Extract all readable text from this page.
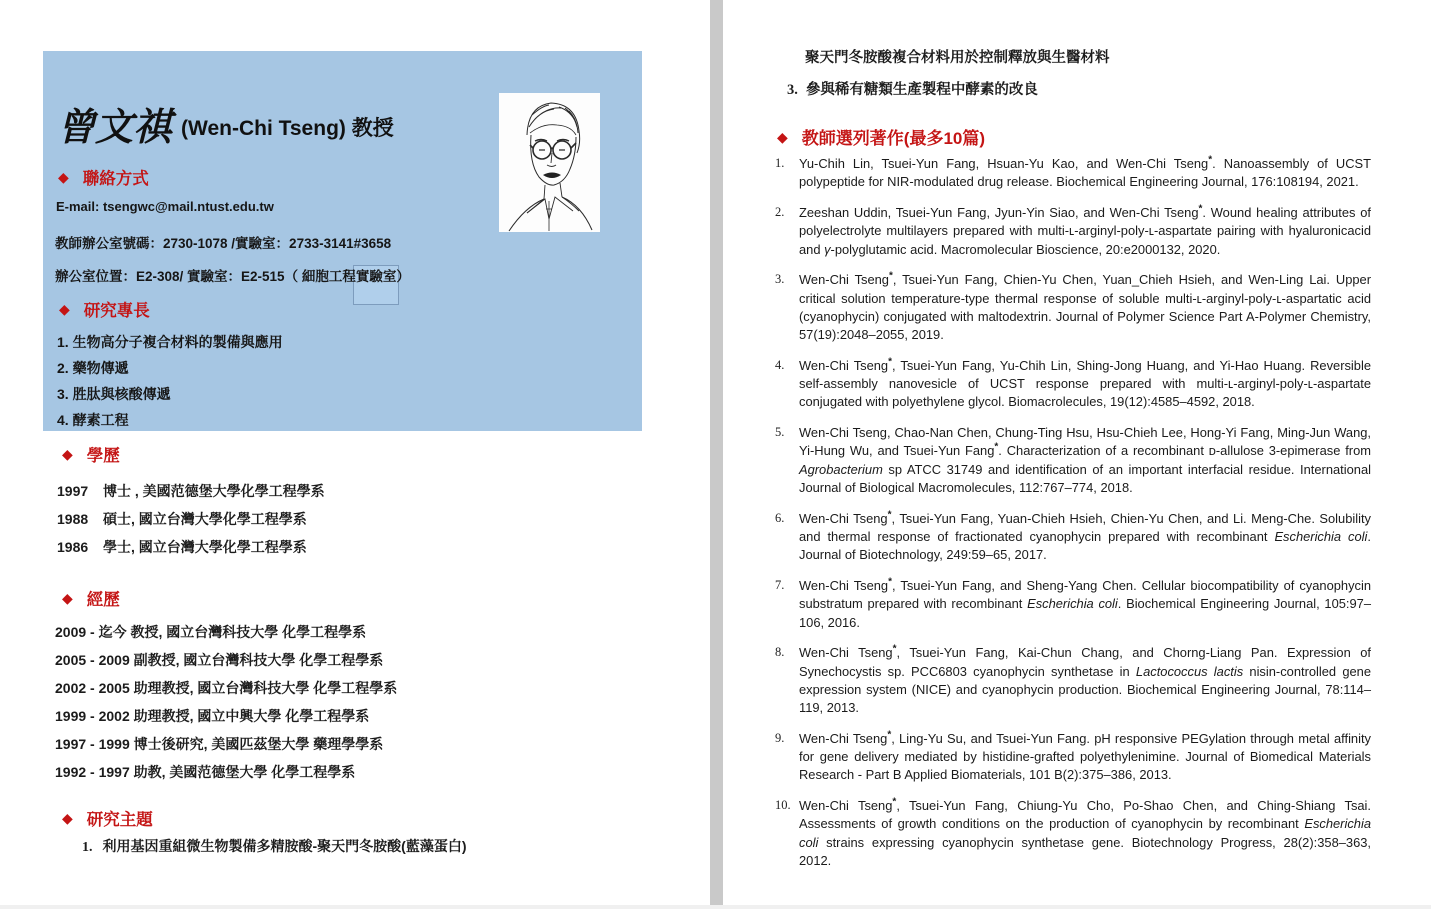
曾文祺 (Wen-Chi Tseng) 教授
◆ 聯絡方式
E-mail: tsengwc@mail.ntust.edu.tw
教師辦公室號碼：2730-1078 /實驗室：2733-3141#3658
辦公室位置：E2-308/ 實驗室：E2-515（ 細胞工程實驗室）
◆ 研究專長
1. 生物高分子複合材料的製備與應用
2. 藥物傳遞
3. 胜肽與核酸傳遞
4. 酵素工程
◆ 學歷
1997 博士 , 美國范德堡大學化學工程學系
1988 碩士, 國立台灣大學化學工程學系
1986 學士, 國立台灣大學化學工程學系
◆ 經歷
2009 - 迄今 教授, 國立台灣科技大學 化學工程學系
2005 - 2009 副教授, 國立台灣科技大學 化學工程學系
2002 - 2005 助理教授, 國立台灣科技大學 化學工程學系
1999 - 2002 助理教授, 國立中興大學 化學工程學系
1997 - 1999 博士後研究, 美國匹茲堡大學 藥理學學系
1992 - 1997 助教, 美國范德堡大學 化學工程學系
◆ 研究主題
1. 利用基因重組微生物製備多精胺酸-聚天門冬胺酸(藍藻蛋白)
聚天門冬胺酸複合材料用於控制釋放與生醫材料
3. 參與稀有糖類生產製程中酵素的改良
◆ 教師選列著作(最多10篇)
1.	Yu-Chih Lin, Tsuei-Yun Fang, Hsuan-Yu Kao, and Wen-Chi Tseng*. Nanoassembly of UCST polypeptide for NIR-modulated drug release. Biochemical Engineering Journal, 176:108194, 2021.

2.	Zeeshan Uddin, Tsuei-Yun Fang, Jyun-Yin Siao, and Wen-Chi Tseng*. Wound healing attributes of polyelectrolyte multilayers prepared with multi-ʟ-arginyl-poly-ʟ-aspartate pairing with hyaluronicacid and γ-polyglutamic acid. Macromolecular Bioscience, 20:e2000132, 2020.

3.	Wen-Chi Tseng*, Tsuei-Yun Fang, Chien-Yu Chen, Yuan_Chieh Hsieh, and Wen-Ling Lai. Upper critical solution temperature-type thermal response of soluble multi-ʟ-arginyl-poly-ʟ-aspartatic acid (cyanophycin) conjugated with maltodextrin. Journal of Polymer Science Part A-Polymer Chemistry, 57(19):2048–2055, 2019.

4.	Wen-Chi Tseng*, Tsuei-Yun Fang, Yu-Chih Lin, Shing-Jong Huang, and Yi-Hao Huang. Reversible self-assembly nanovesicle of UCST response prepared with multi-ʟ-arginyl-poly-ʟ-aspartate conjugated with polyethylene glycol. Biomacrolecules, 19(12):4585–4592, 2018.

5.	Wen-Chi Tseng, Chao-Nan Chen, Chung-Ting Hsu, Hsu-Chieh Lee, Hong-Yi Fang, Ming-Jun Wang, Yi-Hung Wu, and Tsuei-Yun Fang*. Characterization of a recombinant ᴅ-allulose 3-epimerase from Agrobacterium sp ATCC 31749 and identification of an important interfacial residue. International Journal of Biological Macromolecules, 112:767–774, 2018.

6.	Wen-Chi Tseng*, Tsuei-Yun Fang, Yuan-Chieh Hsieh, Chien-Yu Chen, and Li. Meng-Che. Solubility and thermal response of fractionated cyanophycin prepared with recombinant Escherichia coli. Journal of Biotechnology, 249:59–65, 2017.

7.	Wen-Chi Tseng*, Tsuei-Yun Fang, and Sheng-Yang Chen. Cellular biocompatibility of cyanophycin substratum prepared with recombinant Escherichia coli. Biochemical Engineering Journal, 105:97–106, 2016.

8.	Wen-Chi Tseng*, Tsuei-Yun Fang, Kai-Chun Chang, and Chorng-Liang Pan. Expression of Synechocystis sp. PCC6803 cyanophycin synthetase in Lactococcus lactis nisin-controlled gene expression system (NICE) and cyanophycin production. Biochemical Engineering Journal, 78:114–119, 2013.

9.	Wen-Chi Tseng*, Ling-Yu Su, and Tsuei-Yun Fang. pH responsive PEGylation through metal affinity for gene delivery mediated by histidine-grafted polyethylenimine. Journal of Biomedical Materials Research - Part B Applied Biomaterials, 101 B(2):375–386, 2013.

10. Wen-Chi Tseng*, Tsuei-Yun Fang, Chiung-Yu Cho, Po-Shao Chen, and Ching-Shiang Tsai. Assessments of growth conditions on the production of cyanophycin by recombinant Escherichia coli strains expressing cyanophycin synthetase gene. Biotechnology Progress, 28(2):358–363, 2012.
